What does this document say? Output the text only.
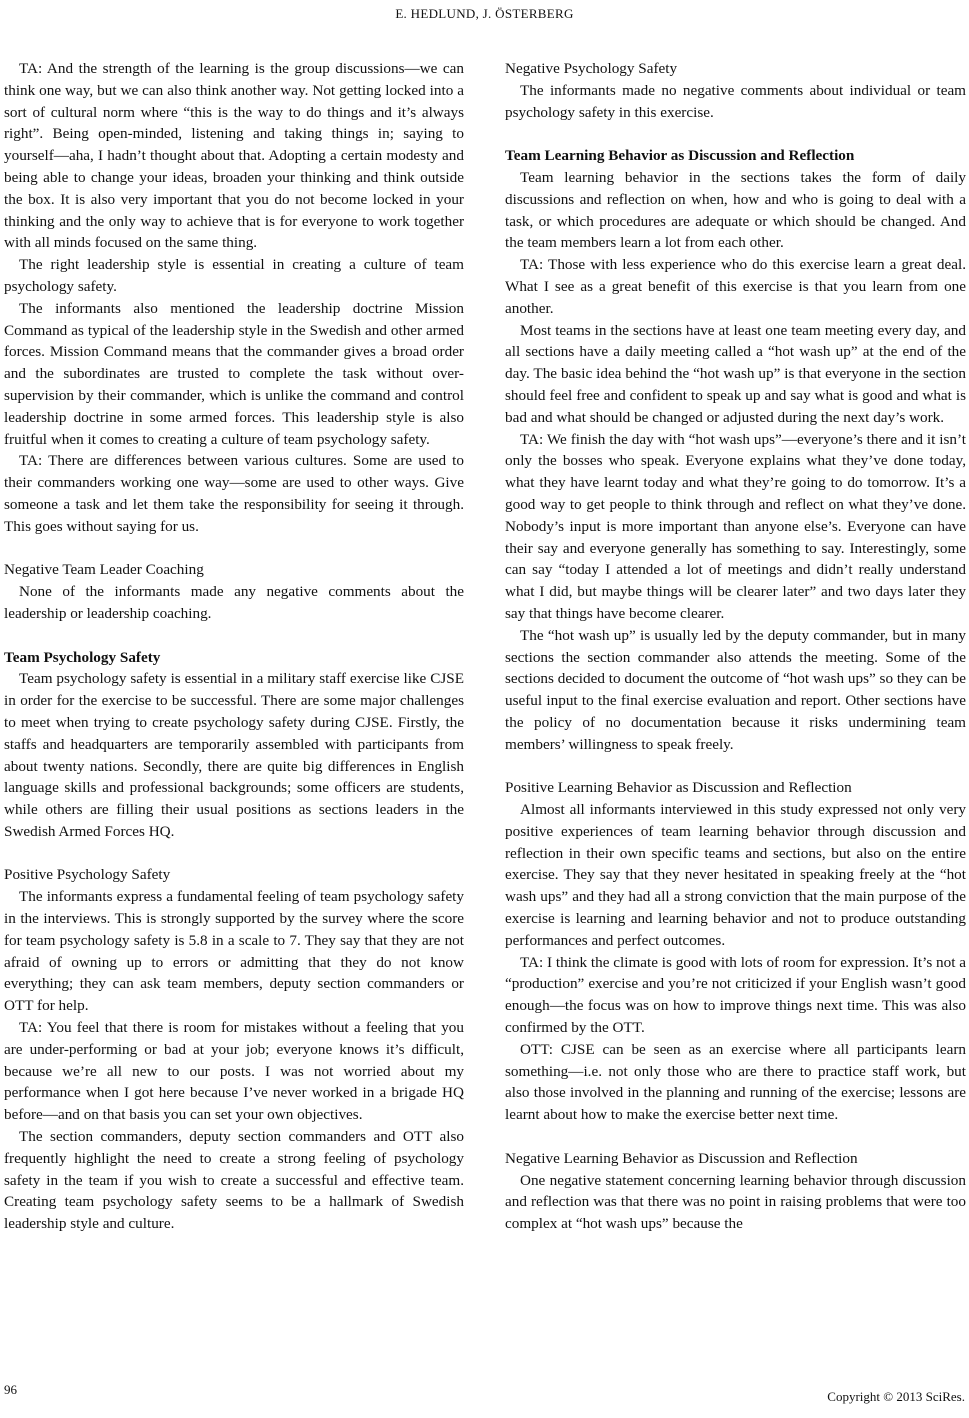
E. HEDLUND, J. ÖSTERBERG

TA: And the strength of the learning is the group discussions—we can think one way, but we can also think another way. Not getting locked into a sort of cultural norm where “this is the way to do things and it’s always right”. Being open-minded, listening and taking things in; saying to yourself—aha, I hadn’t thought about that. Adopting a certain modesty and being able to change your ideas, broaden your thinking and think outside the box. It is also very important that you do not become locked in your thinking and the only way to achieve that is for everyone to work together with all minds focused on the same thing.

The right leadership style is essential in creating a culture of team psychology safety.

The informants also mentioned the leadership doctrine Mission Command as typical of the leadership style in the Swedish and other armed forces. Mission Command means that the commander gives a broad order and the subordinates are trusted to complete the task without over-supervision by their commander, which is unlike the command and control leadership doctrine in some armed forces. This leadership style is also fruitful when it comes to creating a culture of team psychology safety.

TA: There are differences between various cultures. Some are used to their commanders working one way—some are used to other ways. Give someone a task and let them take the responsibility for seeing it through. This goes without saying for us.

Negative Team Leader Coaching

None of the informants made any negative comments about the leadership or leadership coaching.

Team Psychology Safety

Team psychology safety is essential in a military staff exercise like CJSE in order for the exercise to be successful. There are some major challenges to meet when trying to create psychology safety during CJSE. Firstly, the staffs and headquarters are temporarily assembled with participants from about twenty nations. Secondly, there are quite big differences in English language skills and professional backgrounds; some officers are students, while others are filling their usual positions as sections leaders in the Swedish Armed Forces HQ.

Positive Psychology Safety

The informants express a fundamental feeling of team psychology safety in the interviews. This is strongly supported by the survey where the score for team psychology safety is 5.8 in a scale to 7. They say that they are not afraid of owning up to errors or admitting that they do not know everything; they can ask team members, deputy section commanders or OTT for help.

TA: You feel that there is room for mistakes without a feeling that you are under-performing or bad at your job; everyone knows it’s difficult, because we’re all new to our posts. I was not worried about my performance when I got here because I’ve never worked in a brigade HQ before—and on that basis you can set your own objectives.

The section commanders, deputy section commanders and OTT also frequently highlight the need to create a strong feeling of psychology safety in the team if you wish to create a successful and effective team. Creating team psychology safety seems to be a hallmark of Swedish leadership style and culture.

Negative Psychology Safety

The informants made no negative comments about individual or team psychology safety in this exercise.

Team Learning Behavior as Discussion and Reflection

Team learning behavior in the sections takes the form of daily discussions and reflection on when, how and who is going to deal with a task, or which procedures are adequate or which should be changed. And the team members learn a lot from each other.

TA: Those with less experience who do this exercise learn a great deal. What I see as a great benefit of this exercise is that you learn from one another.

Most teams in the sections have at least one team meeting every day, and all sections have a daily meeting called a “hot wash up” at the end of the day. The basic idea behind the “hot wash up” is that everyone in the section should feel free and confident to speak up and say what is good and what is bad and what should be changed or adjusted during the next day’s work.

TA: We finish the day with “hot wash ups”—everyone’s there and it isn’t only the bosses who speak. Everyone explains what they’ve done today, what they have learnt today and what they’re going to do tomorrow. It’s a good way to get people to think through and reflect on what they’ve done. Nobody’s input is more important than anyone else’s. Everyone can have their say and everyone generally has something to say. Interestingly, some can say “today I attended a lot of meetings and didn’t really understand what I did, but maybe things will be clearer later” and two days later they say that things have become clearer.

The “hot wash up” is usually led by the deputy commander, but in many sections the section commander also attends the meeting. Some of the sections decided to document the outcome of “hot wash ups” so they can be useful input to the final exercise evaluation and report. Other sections have the policy of no documentation because it risks undermining team members’ willingness to speak freely.

Positive Learning Behavior as Discussion and Reflection

Almost all informants interviewed in this study expressed not only very positive experiences of team learning behavior through discussion and reflection in their own specific teams and sections, but also on the entire exercise. They say that they never hesitated in speaking freely at the “hot wash ups” and they had all a strong conviction that the main purpose of the exercise is learning and learning behavior and not to produce outstanding performances and perfect outcomes.

TA: I think the climate is good with lots of room for expression. It’s not a “production” exercise and you’re not criticized if your English wasn’t good enough—the focus was on how to improve things next time. This was also confirmed by the OTT.

OTT: CJSE can be seen as an exercise where all participants learn something—i.e. not only those who are there to practice staff work, but also those involved in the planning and running of the exercise; lessons are learnt about how to make the exercise better next time.

Negative Learning Behavior as Discussion and Reflection

One negative statement concerning learning behavior through discussion and reflection was that there was no point in raising problems that were too complex at “hot wash ups” because the

96	Copyright © 2013 SciRes.
